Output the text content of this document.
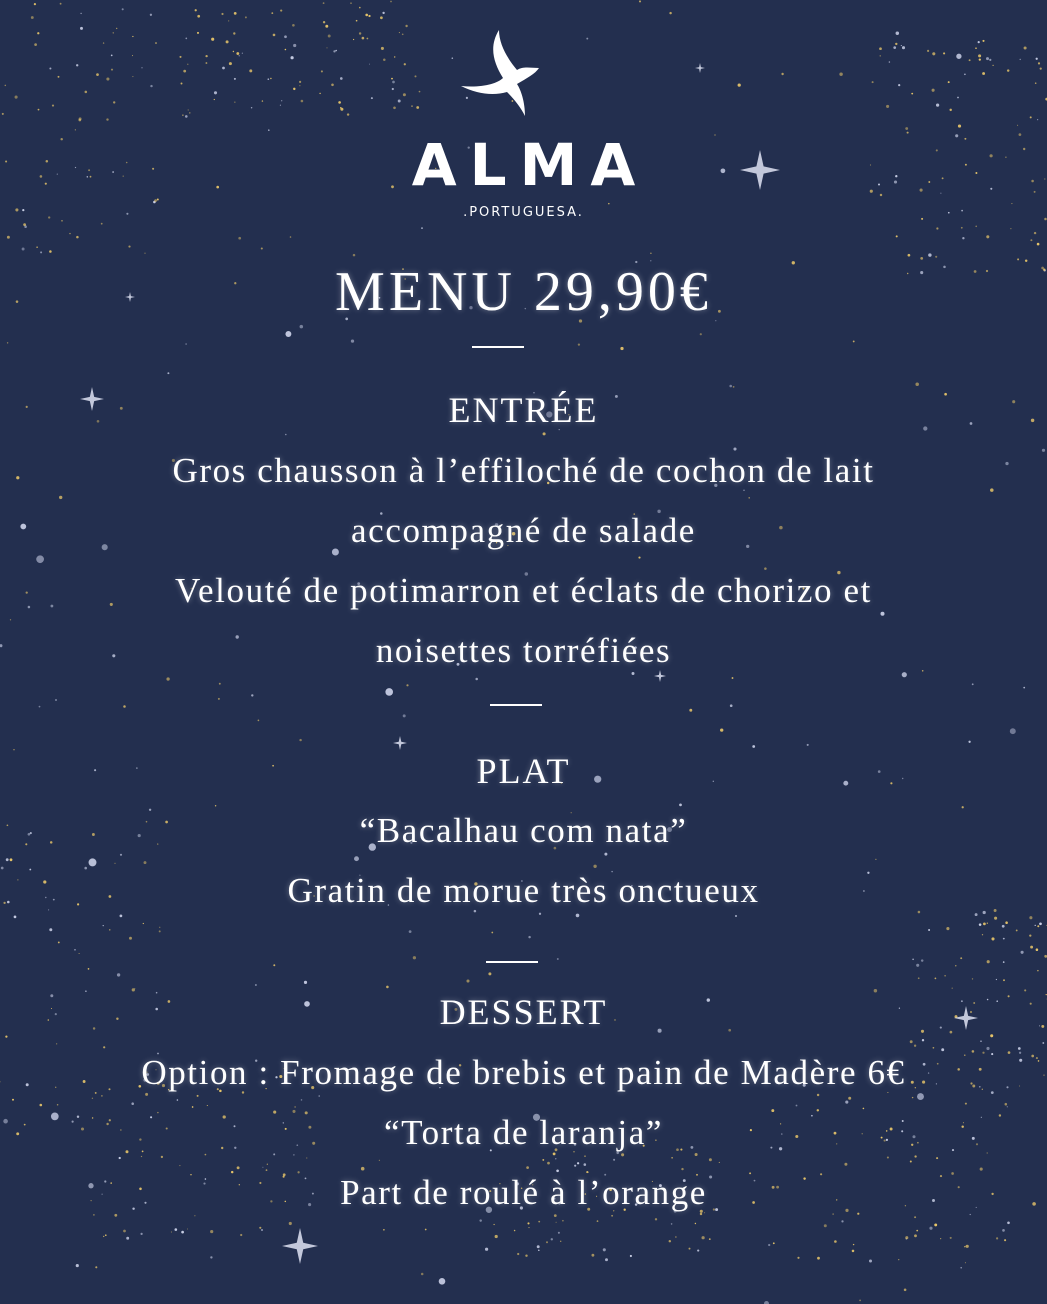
ALMA
.PORTUGUESA.
MENU 29,90€
ENTRÉE
Gros chausson à l’effiloché de cochon de lait
accompagné de salade
Velouté de potimarron et éclats de chorizo et
noisettes torréfiées
PLAT
“Bacalhau com nata”
Gratin de morue très onctueux
DESSERT
Option : Fromage de brebis et pain de Madère 6€
“Torta de laranja”
Part de roulé à l’orange
